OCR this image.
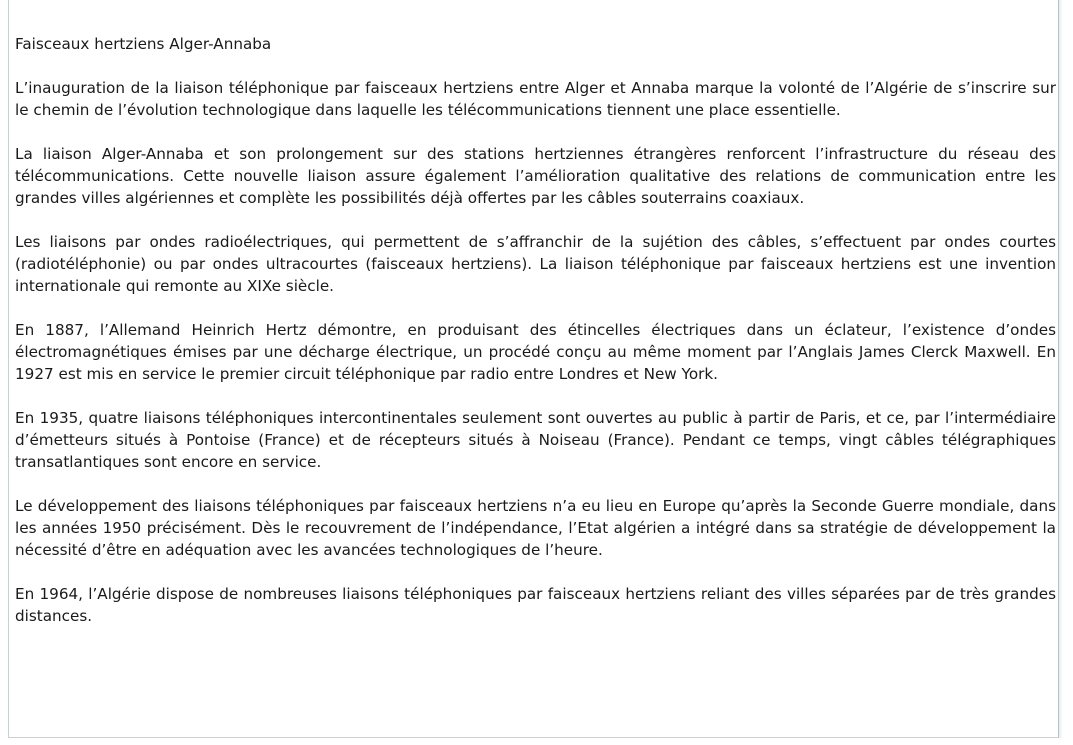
Faisceaux hertziens Alger-Annaba

L’inauguration de la liaison téléphonique par faisceaux hertziens entre Alger et Annaba marque la volonté de l’Algérie de s’inscrire sur le chemin de l’évolution technologique dans laquelle les télécommunications tiennent une place essentielle.

La liaison Alger-Annaba et son prolongement sur des stations hertziennes étrangères renforcent l’infrastructure du réseau des télécommunications. Cette nouvelle liaison assure également l’amélioration qualitative des relations de communication entre les grandes villes algériennes et complète les possibilités déjà offertes par les câbles souterrains coaxiaux.

Les liaisons par ondes radioélectriques, qui permettent de s’affranchir de la sujétion des câbles, s’effectuent par ondes courtes (radiotéléphonie) ou par ondes ultracourtes (faisceaux hertziens). La liaison téléphonique par faisceaux hertziens est une invention internationale qui remonte au XIXe siècle.

En 1887, l’Allemand Heinrich Hertz démontre, en produisant des étincelles électriques dans un éclateur, l’existence d’ondes électromagnétiques émises par une décharge électrique, un procédé conçu au même moment par l’Anglais James Clerck Maxwell. En 1927 est mis en service le premier circuit téléphonique par radio entre Londres et New York.

En 1935, quatre liaisons téléphoniques intercontinentales seulement sont ouvertes au public à partir de Paris, et ce, par l’intermédiaire d’émetteurs situés à Pontoise (France) et de récepteurs situés à Noiseau (France). Pendant ce temps, vingt câbles télégraphiques transatlantiques sont encore en service.

Le développement des liaisons téléphoniques par faisceaux hertziens n’a eu lieu en Europe qu’après la Seconde Guerre mondiale, dans les années 1950 précisément. Dès le recouvrement de l’indépendance, l’Etat algérien a intégré dans sa stratégie de développement la nécessité d’être en adéquation avec les avancées technologiques de l’heure.

En 1964, l’Algérie dispose de nombreuses liaisons téléphoniques par faisceaux hertziens reliant des villes séparées par de très grandes distances.
